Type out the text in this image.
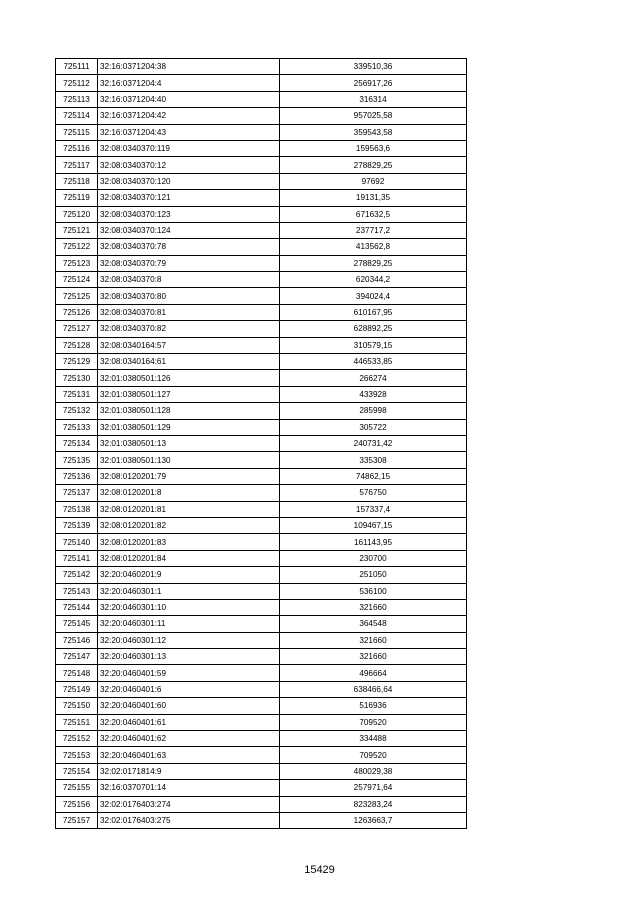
725111	32:16:0371204:38	339510,36
725112	32:16:0371204:4	256917,26
725113	32:16:0371204:40	316314
725114	32:16:0371204:42	957025,58
725115	32:16:0371204:43	359543,58
725116	32:08:0340370:119	159563,6
725117	32:08:0340370:12	278829,25
725118	32:08:0340370:120	97692
725119	32:08:0340370:121	19131,35
725120	32:08:0340370:123	671632,5
725121	32:08:0340370:124	237717,2
725122	32:08:0340370:78	413562,8
725123	32:08:0340370:79	278829,25
725124	32:08:0340370:8	620344,2
725125	32:08:0340370:80	394024,4
725126	32:08:0340370:81	610167,95
725127	32:08:0340370:82	628892,25
725128	32:08:0340164:57	310579,15
725129	32:08:0340164:61	446533,85
725130	32:01:0380501:126	266274
725131	32:01:0380501:127	433928
725132	32:01:0380501:128	285998
725133	32:01:0380501:129	305722
725134	32:01:0380501:13	240731,42
725135	32:01:0380501:130	335308
725136	32:08:0120201:79	74862,15
725137	32:08:0120201:8	576750
725138	32:08:0120201:81	157337,4
725139	32:08:0120201:82	109467,15
725140	32:08:0120201:83	161143,95
725141	32:08:0120201:84	230700
725142	32:20:0460201:9	251050
725143	32:20:0460301:1	536100
725144	32:20:0460301:10	321660
725145	32:20:0460301:11	364548
725146	32:20:0460301:12	321660
725147	32:20:0460301:13	321660
725148	32:20:0460401:59	496664
725149	32:20:0460401:6	638466,64
725150	32:20:0460401:60	516936
725151	32:20:0460401:61	709520
725152	32:20:0460401:62	334488
725153	32:20:0460401:63	709520
725154	32:02:0171814:9	480029,38
725155	32:16:0370701:14	257971,64
725156	32:02:0176403:274	823283,24
725157	32:02:0176403:275	1263663,7
15429
